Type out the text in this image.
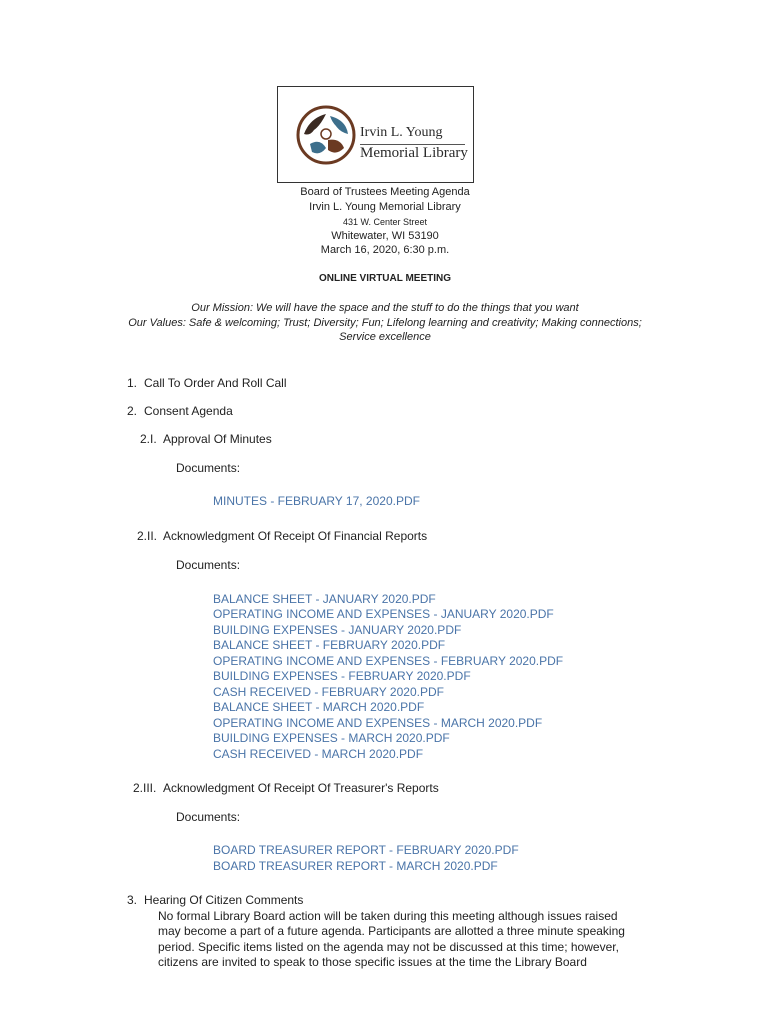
Irvin L. Young
Memorial Library
Board of Trustees Meeting Agenda
Irvin L. Young Memorial Library
431 W. Center Street
Whitewater, WI 53190
March 16, 2020, 6:30 p.m.
ONLINE VIRTUAL MEETING
Our Mission: We will have the space and the stuff to do the things that you want
Our Values: Safe & welcoming; Trust; Diversity; Fun; Lifelong learning and creativity; Making connections;
Service excellence
1. Call To Order And Roll Call
2. Consent Agenda
2.I. Approval Of Minutes
Documents:
MINUTES - FEBRUARY 17, 2020.PDF
2.II. Acknowledgment Of Receipt Of Financial Reports
Documents:
BALANCE SHEET - JANUARY 2020.PDF
OPERATING INCOME AND EXPENSES - JANUARY 2020.PDF
BUILDING EXPENSES - JANUARY 2020.PDF
BALANCE SHEET - FEBRUARY 2020.PDF
OPERATING INCOME AND EXPENSES - FEBRUARY 2020.PDF
BUILDING EXPENSES - FEBRUARY 2020.PDF
CASH RECEIVED - FEBRUARY 2020.PDF
BALANCE SHEET - MARCH 2020.PDF
OPERATING INCOME AND EXPENSES - MARCH 2020.PDF
BUILDING EXPENSES - MARCH 2020.PDF
CASH RECEIVED - MARCH 2020.PDF
2.III. Acknowledgment Of Receipt Of Treasurer's Reports
Documents:
BOARD TREASURER REPORT - FEBRUARY 2020.PDF
BOARD TREASURER REPORT - MARCH 2020.PDF
3. Hearing Of Citizen Comments
No formal Library Board action will be taken during this meeting although issues raised
may become a part of a future agenda. Participants are allotted a three minute speaking
period. Specific items listed on the agenda may not be discussed at this time; however,
citizens are invited to speak to those specific issues at the time the Library Board
